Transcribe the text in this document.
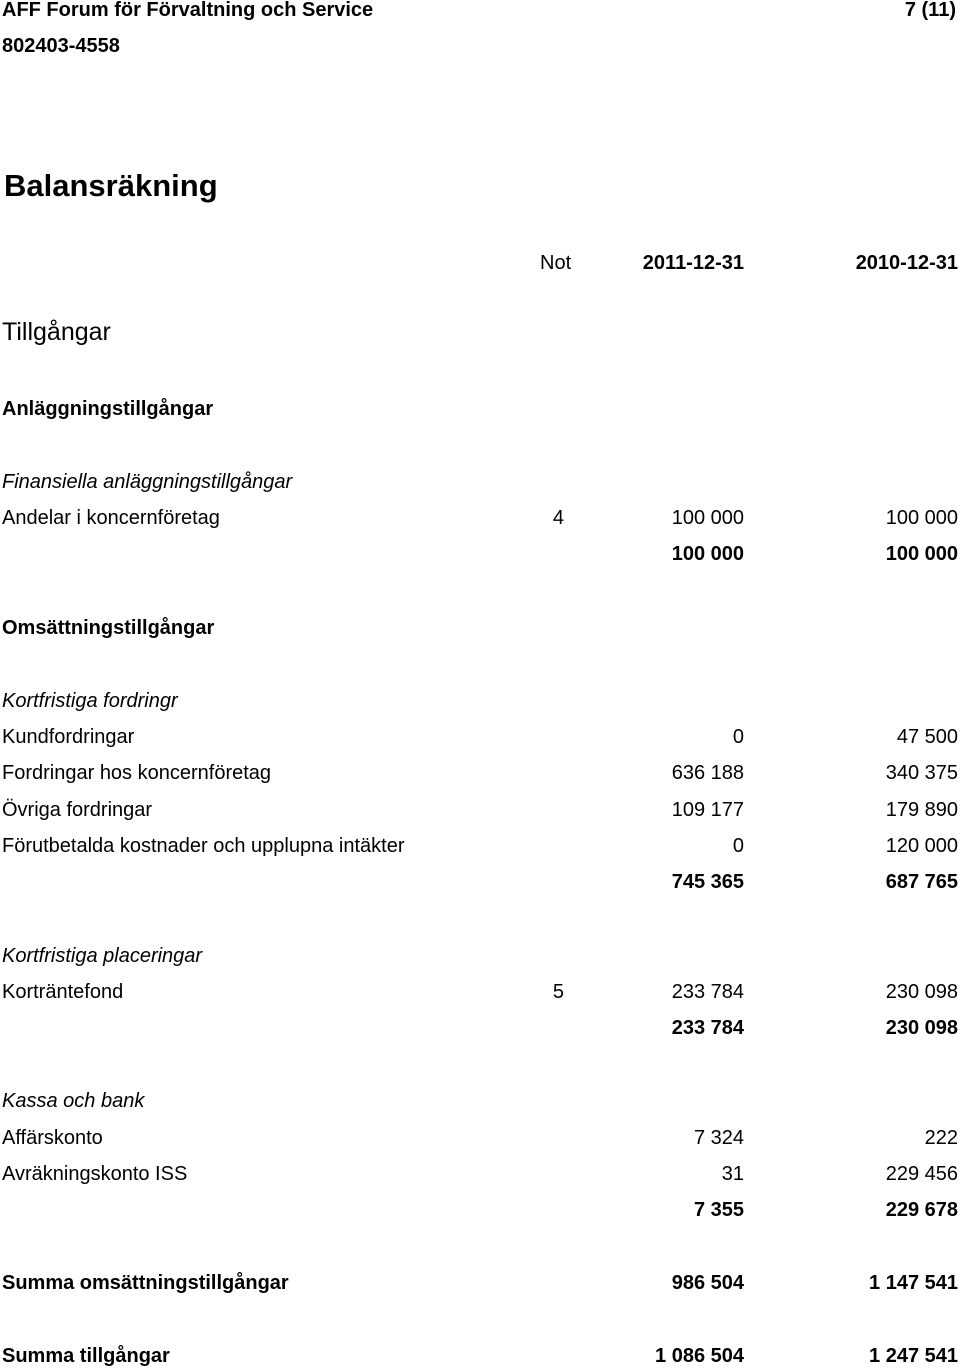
AFF Forum för Förvaltning och Service	7 (11)
802403-4558
Balansräkning
Not	2011-12-31	2010-12-31
Tillgångar
Anläggningstillgångar
Finansiella anläggningstillgångar
Andelar i koncernföretag	4	100 000	100 000
100 000	100 000
Omsättningstillgångar
Kortfristiga fordringr
Kundfordringar	0	47 500
Fordringar hos koncernföretag	636 188	340 375
Övriga fordringar	109 177	179 890
Förutbetalda kostnader och upplupna intäkter	0	120 000
745 365	687 765
Kortfristiga placeringar
Korträntefond	5	233 784	230 098
233 784	230 098
Kassa och bank
Affärskonto	7 324	222
Avräkningskonto ISS	31	229 456
7 355	229 678
Summa omsättningstillgångar	986 504	1 147 541
Summa tillgångar	1 086 504	1 247 541
